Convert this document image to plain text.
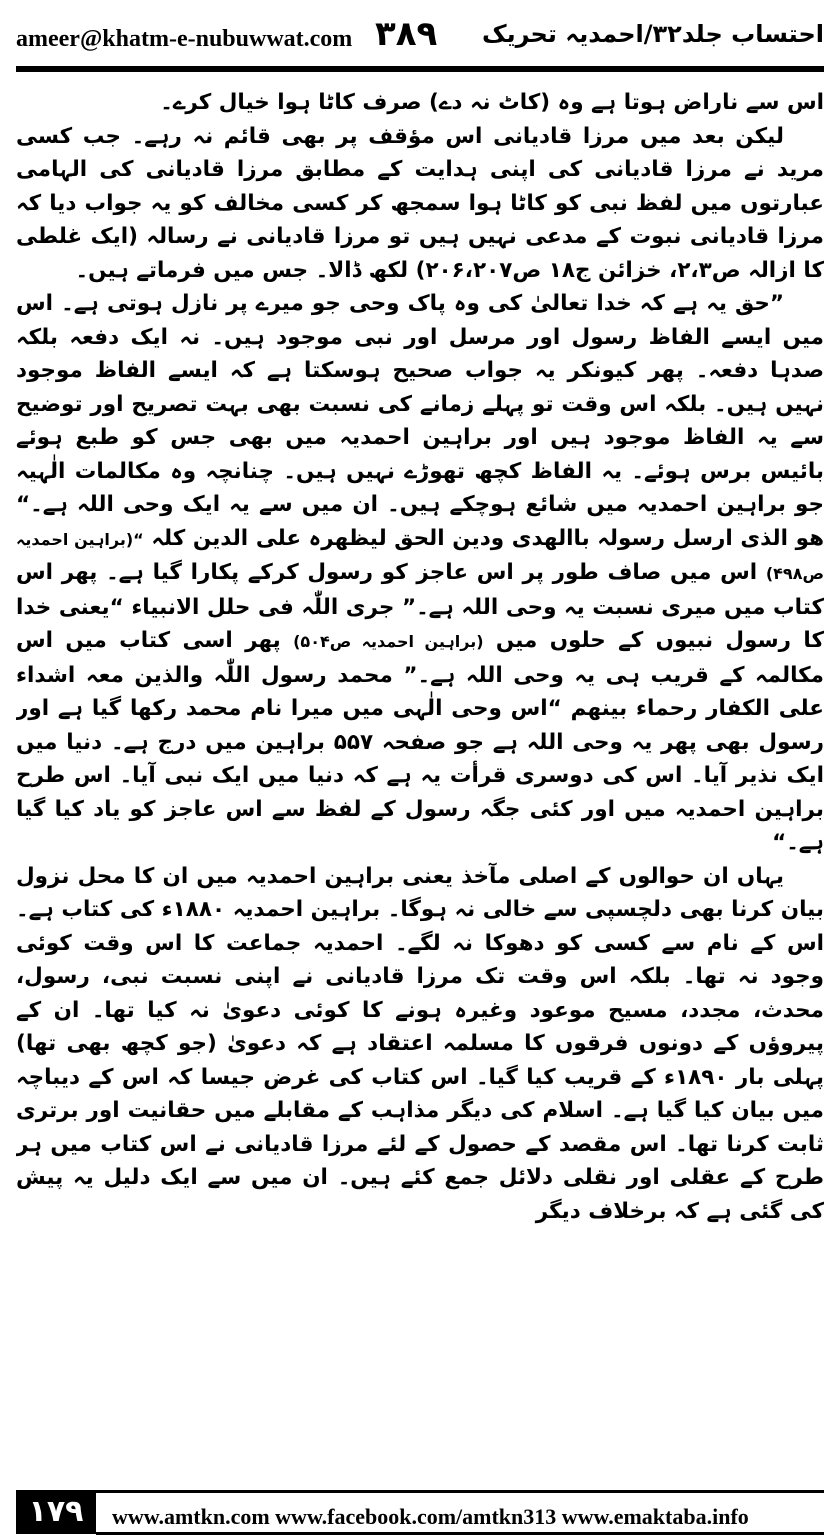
ameer@khatm-e-nubuwwat.com ۳۸۹ احتساب جلد۳۲/احمدیہ تحریک

اس سے ناراض ہوتا ہے وہ (کاٹ نہ دے) صرف کاٹا ہوا خیال کرے۔

لیکن بعد میں مرزا قادیانی اس مؤقف پر بھی قائم نہ رہے۔ جب کسی مرید نے مرزا قادیانی کی اپنی ہدایت کے مطابق مرزا قادیانی کی الہامی عبارتوں میں لفظ نبی کو کاٹا ہوا سمجھ کر کسی مخالف کو یہ جواب دیا کہ مرزا قادیانی نبوت کے مدعی نہیں ہیں تو مرزا قادیانی نے رسالہ (ایک غلطی کا ازالہ ص۲،۳، خزائن ج۱۸ ص۲۰۶،۲۰۷) لکھ ڈالا۔ جس میں فرماتے ہیں۔

”حق یہ ہے کہ خدا تعالیٰ کی وہ پاک وحی جو میرے پر نازل ہوتی ہے۔ اس میں ایسے الفاظ رسول اور مرسل اور نبی موجود ہیں۔ نہ ایک دفعہ بلکہ صدہا دفعہ۔ پھر کیونکر یہ جواب صحیح ہوسکتا ہے کہ ایسے الفاظ موجود نہیں ہیں۔ بلکہ اس وقت تو پہلے زمانے کی نسبت بھی بہت تصریح اور توضیح سے یہ الفاظ موجود ہیں اور براہین احمدیہ میں بھی جس کو طبع ہوئے بائیس برس ہوئے۔ یہ الفاظ کچھ تھوڑے نہیں ہیں۔ چنانچہ وہ مکالمات الٰہیہ جو براہین احمدیہ میں شائع ہوچکے ہیں۔ ان میں سے یہ ایک وحی اللہ ہے۔“ ھو الذی ارسل رسولہ باالھدی ودین الحق لیظھرہ علی الدین کلہ “(براہین احمدیہ ص۴۹۸) اس میں صاف طور پر اس عاجز کو رسول کرکے پکارا گیا ہے۔ پھر اس کتاب میں میری نسبت یہ وحی اللہ ہے۔” جری اللّٰہ فی حلل الانبیاء “یعنی خدا کا رسول نبیوں کے حلوں میں (براہین احمدیہ ص۵۰۴) پھر اسی کتاب میں اس مکالمہ کے قریب ہی یہ وحی اللہ ہے۔” محمد رسول اللّٰہ والذین معہ اشداء علی الکفار رحماء بینھم “اس وحی الٰہی میں میرا نام محمد رکھا گیا ہے اور رسول بھی پھر یہ وحی اللہ ہے جو صفحہ ۵۵۷ براہین میں درج ہے۔ دنیا میں ایک نذیر آیا۔ اس کی دوسری قرأت یہ ہے کہ دنیا میں ایک نبی آیا۔ اس طرح براہین احمدیہ میں اور کئی جگہ رسول کے لفظ سے اس عاجز کو یاد کیا گیا ہے۔“

یہاں ان حوالوں کے اصلی مآخذ یعنی براہین احمدیہ میں ان کا محل نزول بیان کرنا بھی دلچسپی سے خالی نہ ہوگا۔ براہین احمدیہ ۱۸۸۰ء کی کتاب ہے۔ اس کے نام سے کسی کو دھوکا نہ لگے۔ احمدیہ جماعت کا اس وقت کوئی وجود نہ تھا۔ بلکہ اس وقت تک مرزا قادیانی نے اپنی نسبت نبی، رسول، محدث، مجدد، مسیح موعود وغیرہ ہونے کا کوئی دعویٰ نہ کیا تھا۔ ان کے پیروؤں کے دونوں فرقوں کا مسلمہ اعتقاد ہے کہ دعویٰ (جو کچھ بھی تھا) پہلی بار ۱۸۹۰ء کے قریب کیا گیا۔ اس کتاب کی غرض جیسا کہ اس کے دیباچہ میں بیان کیا گیا ہے۔ اسلام کی دیگر مذاہب کے مقابلے میں حقانیت اور برتری ثابت کرنا تھا۔ اس مقصد کے حصول کے لئے مرزا قادیانی نے اس کتاب میں ہر طرح کے عقلی اور نقلی دلائل جمع کئے ہیں۔ ان میں سے ایک دلیل یہ پیش کی گئی ہے کہ برخلاف دیگر

۱۷۹	www.amtkn.com www.facebook.com/amtkn313 www.emaktaba.info
